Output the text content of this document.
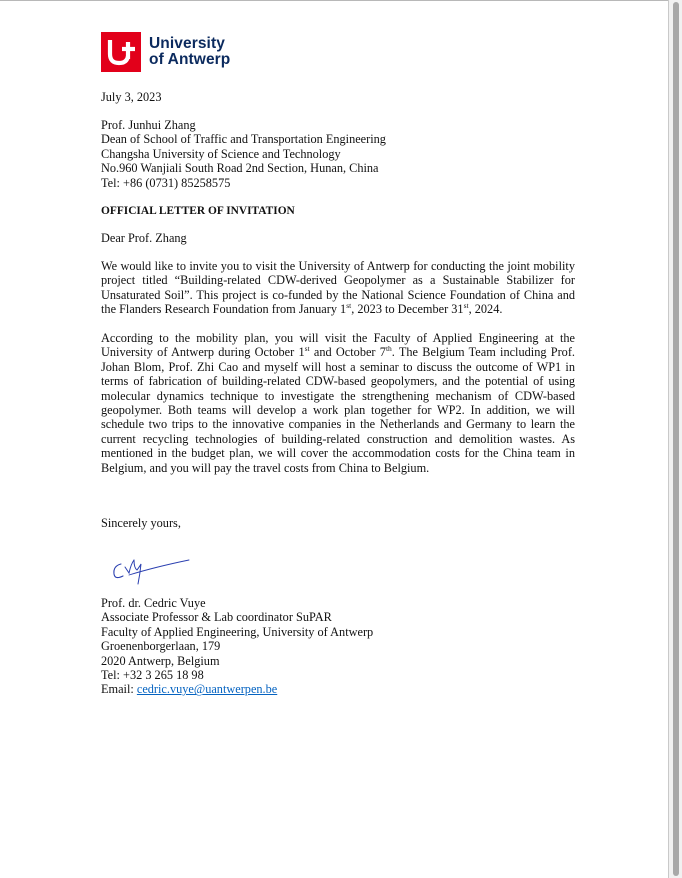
University
of Antwerp
July 3, 2023
Prof. Junhui Zhang
Dean of School of Traffic and Transportation Engineering
Changsha University of Science and Technology
No.960 Wanjiali South Road 2nd Section, Hunan, China
Tel: +86 (0731) 85258575
OFFICIAL LETTER OF INVITATION
Dear Prof. Zhang

We would like to invite you to visit the University of Antwerp for conducting the joint mobility project titled “Building-related CDW-derived Geopolymer as a Sustainable Stabilizer for Unsaturated Soil”. This project is co-funded by the National Science Foundation of China and the Flanders Research Foundation from January 1st, 2023 to December 31st, 2024.

According to the mobility plan, you will visit the Faculty of Applied Engineering at the University of Antwerp during October 1st and October 7th. The Belgium Team including Prof. Johan Blom, Prof. Zhi Cao and myself will host a seminar to discuss the outcome of WP1 in terms of fabrication of building-related CDW-based geopolymers, and the potential of using molecular dynamics technique to investigate the strengthening mechanism of CDW-based geopolymer. Both teams will develop a work plan together for WP2. In addition, we will schedule two trips to the innovative companies in the Netherlands and Germany to learn the current recycling technologies of building-related construction and demolition wastes. As mentioned in the budget plan, we will cover the accommodation costs for the China team in Belgium, and you will pay the travel costs from China to Belgium.

Sincerely yours,
Prof. dr. Cedric Vuye
Associate Professor & Lab coordinator SuPAR
Faculty of Applied Engineering, University of Antwerp
Groenenborgerlaan, 179
2020 Antwerp, Belgium
Tel: +32 3 265 18 98
Email: cedric.vuye@uantwerpen.be
